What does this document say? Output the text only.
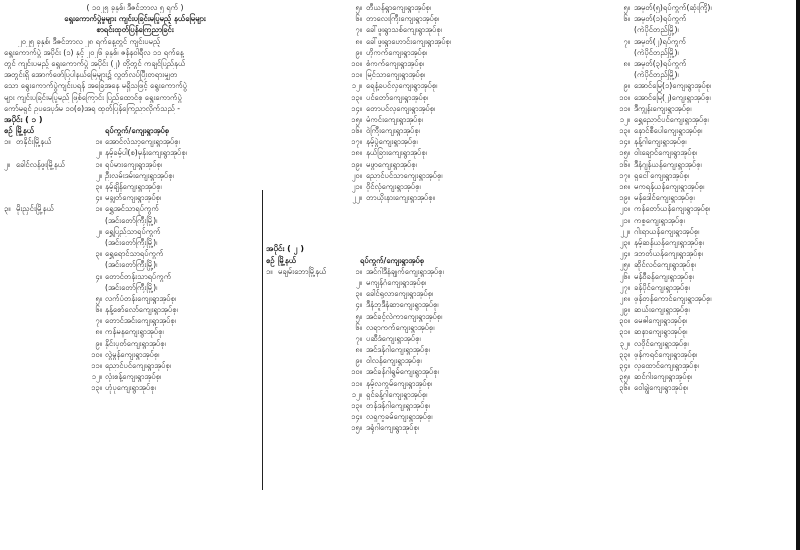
( ၁၀၂၅ ခုနှစ်၊ ဒီဇင်ဘာလ ၅ ရက် )
ရွေးကောက်ပွဲမှုများ ကျင်းပခြင်းမပြုမည့် နယ်မြေများ
စာရင်းထုတ်ပြန်ကြေညာခြင်း
၂၀၂၅ ခုနှစ်၊ ဒီဇင်ဘာလ ၂၈ ရက်နေ့တွင် ကျင်းပမည့်
ရွေးကောက်ပွဲ အပိုင်း (၁) နှင့် ၂၀၂၆ ခုနှစ်၊ ဇန်နဝါရီလ ၁၁ ရက်နေ့
တွင် ကျင်းပမည့် ရွေးကောက်ပွဲ အပိုင်း (၂) တို့တွင် ကချင်ပြည်နယ်
အတွင်းရှိ အောက်ဖော်ပြပါနယ်မြေများ၌ လွတ်လပ်ပြီးတရားမျှတ
သော ရွေးကောက်ပွဲကျင်းပရန် အခြေအနေ မရှိသဖြင့် ရွေးကောက်ပွဲ
များ ကျင်းပခြင်းမပြုမည် ဖြစ်ကြောင်း ပြည်ထောင်စု ရွေးကောက်ပွဲ
ကော်မရှင် ဥပဒေပုဒ်မ ၁၀(စ)အရ ထုတ်ပြန်ကြေညာလိုက်သည် -
အပိုင်း ( ၁ )
စဉ် မြို့နယ်	ရပ်ကွက်/ကျေးရွာအုပ်စု
၁။ တနိုင်းမြို့နယ်	၁။ အောင်လံသာ့ကျေးရွာအုပ်စု၊
၂။ နမ့်ခမ့်ပါ(စ)မှန်းကျေးရွာအုပ်စု၊
၂။ ခေါင်လန်ဖူးမြို့နယ်	၁။ ရပ်မားကျေးရွာအုပ်စု၊
၂။ ဦးလမ်းဒမ်းကျေးရွာအုပ်စု၊
၃။ နမ့်ချိန်ကျေးရွာအုပ်စု၊
၄။ မချွတ်ကျေးရွာအုပ်စု၊
၃။ မိုးညှင်းမြို့နယ်	၁။ ရွှေအင်သာရပ်ကွက်
(အင်းတော်ကြီးမြို့)၊
၂။ ရွှေပြည်သာရပ်ကွက်
(အင်းတော်ကြီးမြို့)၊
၃။ ရွှေရောင်သာရပ်ကွက်
(အင်းတော်ကြီးမြို့)၊
၄။ တောင်တန်းသာရပ်ကွက်
(အင်းတော်ကြီးမြို့)၊
၅။ လက်ပံတန်းကျေးရွာအုပ်စု၊
၆။ နန့်စော်လော်ကျေးရွာအုပ်စု၊
၇။ တောင်အင်းကျေးရွာအုပ်စု၊
၈။ ကန်မနကျေးရွာအုပ်စု၊
၉။ နိုင်းပုတ်ကျေးရွာအုပ်စု၊
၁၀။ လွဲမွန်ကျေးရွာအုပ်စု၊
၁၁။ ညောင်ပင်ကျေးရွာအုပ်စု၊
၁၂။ လုံးစန့်ကျေးရွာအုပ်စု၊
၁၃။ ဟုံပုကျေးရွာအုပ်စု၊
၅။ တီယန်ရွာကျေးရွာအုပ်စု၊
၆။ တာလေးကြီးကျေးရွာအုပ်စု၊
၇။ ခေါ်ဖူးရွာသစ်ကျေးရွာအုပ်စု၊
၈။ ခေါ်ဖူးရွာဟောင်းကျေးရွာအုပ်စု၊
၉။ ဟိုကက်ကျေးရွာအုပ်စု၊
၁၀။ စံကက်ကျေးရွာအုပ်စု၊
၁၁။ မြင်သာကျေးရွာအုပ်စု၊
၁၂။ ရေနံ့ခပင်လှကျေးရွာအုပ်စု၊
၁၃။ ပင်တော်ကျေးရွာအုပ်စု၊
၁၄။ တောပင်လှကျေးရွာအုပ်စု၊
၁၅။ မံကင်းကျေးရွာအုပ်စု၊
၁၆။ ဝဲကြီးကျေးရွာအုပ်စု၊
၁၇။ နမ့်ပွဲကျေးရွာအုပ်စု၊
၁၈။ နယ်ခြားကျေးရွာအုပ်စု၊
၁၉။ မဖွာကျေးရွာအုပ်စု၊
၂၀။ ညောင်ပင်သာကျေးရွာအုပ်စု၊
၂၁။ ဝိုင်လုံကျေးရွာအုပ်စု၊
၂၂။ တာယိုးနားကျေးရွာအုပ်စု။
အပိုင်း ( ၂ )
စဉ် မြို့နယ်	ရပ်ကွက်/ကျေးရွာအုပ်စု
၁။ မချမ်းဘောမြို့နယ်	၁။ အင်ဂါဒီနံချုက်ကျေးရွာအုပ်စု၊
၂။ မကျန်ဂံကျေးရွာအုပ်စု၊
၃။ ခေါင်ရုလာကျေးရွာအုပ်စု၊
၄။ ဒီနံဘူဒီနံဆာကျေးရွာအုပ်စု၊
၅။ အင်ခင့်လဲကာကျေးရွာအုပ်စု၊
၆။ လရာကက်ကျေးရွာအုပ်စု၊
၇။ ပဆီဒံကျေးရွာအုပ်စု၊
၈။ အင်ဒန်ဂါကျေးရွာအုပ်စု၊
၉။ ဝါလန်ကျေးရွာအုပ်စု၊
၁၀။ အင်ခန်ဂါရွမ်ကျေးရွာအုပ်စု၊
၁၁။ နမ့်လကွမ်ကျေးရွာအုပ်စု၊
၁၂။ ရှင်ခန့်ဂါကျေးရွာအုပ်စု၊
၁၃။ တန်ဒန်ဂါကျေးရွာအုပ်စု၊
၁၄။ လရှကူခမ်ကျေးရွာအုပ်စု၊
၁၅။ ဒရုံဂါကျေးရွာအုပ်စု၊
၅။ အမှတ်(၅)ရပ်ကွက်(ဆုံးကြို)၊
၆။ အမှတ်(၁)ရပ်ကွက်
(ကဲပိုင်တည်မြို့)၊
၇။ အမှတ်(၂)ရပ်ကွက်
(ကဲပိုင်တည်မြို့)၊
၈။ အမှတ်(၃)ရပ်ကွက်
(ကဲပိုင်တည်မြို့)၊
၉။ အောင်မြေ(၁)ကျေးရွာအုပ်စု၊
၁၀။ အောင်မြေ(၂)ကျေးရွာအုပ်စု၊
၁၁။ ဒီကျွန်းကျေးရွာအုပ်စု၊
၁၂။ ရွှေညောင်ပင်ကျေးရွာအုပ်စု၊
၁၃။ နောင်စီပေါကျေးရွာအုပ်စု၊
၁၄။ နန့်ဂါကျေးရွာအုပ်စု၊
၁၅။ ဝါးချောင်ကျေးရွာအုပ်စု၊
၁၆။ ဒီနံဂျန်ယန်ကျေးရွာအုပ်စု၊
၁၇။ ရှငေါ်ကျေးရွာအုပ်စု၊
၁၈။ မကရန်ယန်ကျေးရွာအုပ်စု၊
၁၉။ မန်ဒေါင်ကျေးရွာအုပ်စု၊
၂၀။ ကန်တော်ယန်ကျေးရွာအုပ်စု၊
၂၁။ ကစူကျေးရွာအုပ်စု၊
၂၂။ ဂါးရာယန်ကျေးရွာအုပ်စု၊
၂၃။ နမ့်ဆန်ယန်ကျေးရွာအုပ်စု၊
၂၄။ ဒဘတ်ယန်ကျေးရွာအုပ်စု၊
၂၅။ ဆိုင်လင်ကျေးရွာအုပ်စု၊
၂၆။ မန်ဝီခန်ကျေးရွာအုပ်စု၊
၂၇။ ခန်ပိုင်ကျေးရွာအုပ်စု၊
၂၈။ ဖုန်တန်ကောင်ကျေးရွာအုပ်စု၊
၂၉။ ဆယ်းကျေးရွာအုပ်စု၊
၃၀။ မေဇါကျေးရွာအုပ်စု၊
၃၁။ ဆနာကျေးရွာအုပ်စု၊
၃၂။ လဝိုင်ကျေးရွာအုပ်စု၊
၃၃။ ဖုန်ကရင်ကျေးရွာအုပ်စု၊
၃၄။ လုထောင်ကျေးရွာအုပ်စု၊
၃၅။ ဆင်ဂါးကျေးရွာအုပ်စု၊
၃၆။ ဝေါချွဲကျေးရွာအုပ်စု၊
